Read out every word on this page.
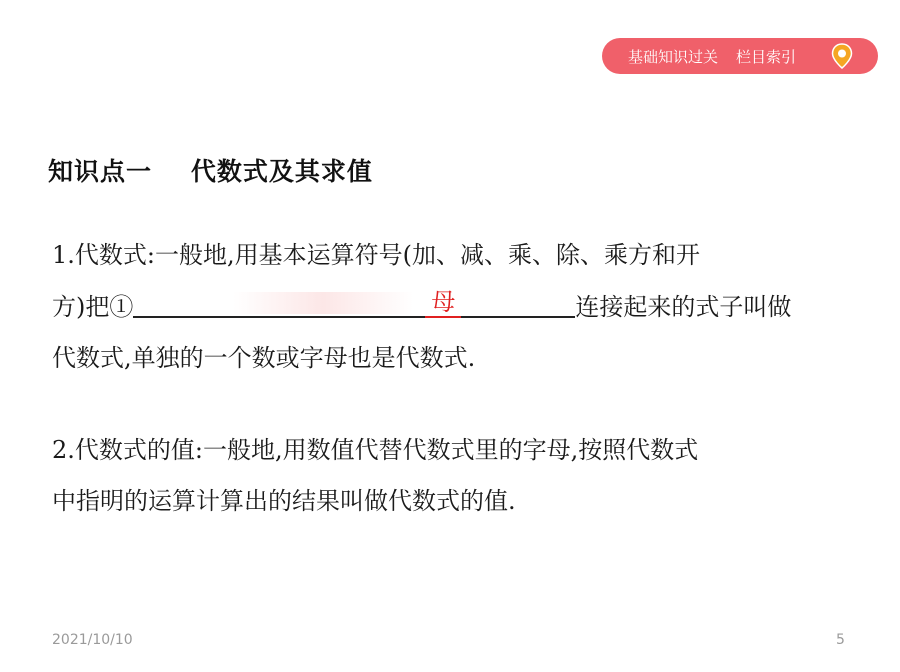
基础知识过关 栏目索引
知识点一    代数式及其求值
1.代数式:一般地,用基本运算符号(加、减、乘、除、乘方和开
方)把①	母	连接起来的式子叫做
代数式,单独的一个数或字母也是代数式.
2.代数式的值:一般地,用数值代替代数式里的字母,按照代数式
中指明的运算计算出的结果叫做代数式的值.
2021/10/10	5
